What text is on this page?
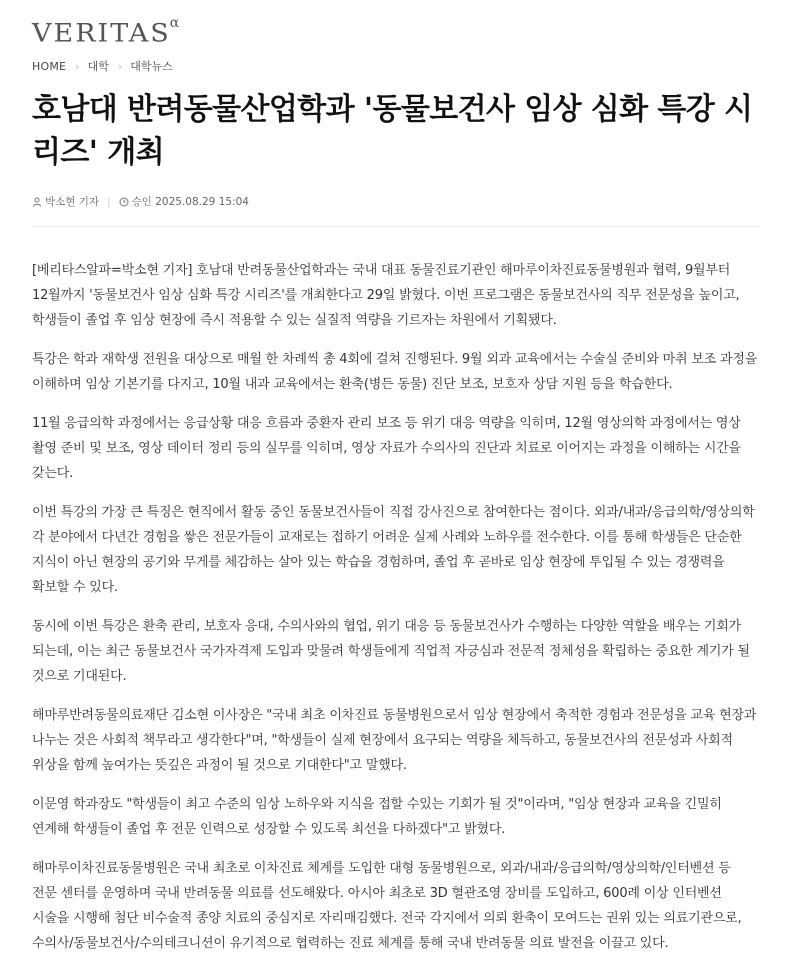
VERITASα
HOME › 대학 › 대학뉴스
호남대 반려동물산업학과 '동물보건사 임상 심화 특강 시리즈' 개최
박소현 기자 | 승인 2025.08.29 15:04

[베리타스알파=박소현 기자] 호남대 반려동물산업학과는 국내 대표 동물진료기관인 해마루이차진료동물병원과 협력, 9월부터 12월까지 '동물보건사 임상 심화 특강 시리즈'를 개최한다고 29일 밝혔다. 이번 프로그램은 동물보건사의 직무 전문성을 높이고, 학생들이 졸업 후 임상 현장에 즉시 적용할 수 있는 실질적 역량을 기르자는 차원에서 기획됐다.

특강은 학과 재학생 전원을 대상으로 매월 한 차례씩 총 4회에 걸쳐 진행된다. 9월 외과 교육에서는 수술실 준비와 마취 보조 과정을 이해하며 임상 기본기를 다지고, 10월 내과 교육에서는 환축(병든 동물) 진단 보조, 보호자 상담 지원 등을 학습한다.

11월 응급의학 과정에서는 응급상황 대응 흐름과 중환자 관리 보조 등 위기 대응 역량을 익히며, 12월 영상의학 과정에서는 영상 촬영 준비 및 보조, 영상 데이터 정리 등의 실무를 익히며, 영상 자료가 수의사의 진단과 치료로 이어지는 과정을 이해하는 시간을 갖는다.

이번 특강의 가장 큰 특징은 현직에서 활동 중인 동물보건사들이 직접 강사진으로 참여한다는 점이다. 외과/내과/응급의학/영상의학 각 분야에서 다년간 경험을 쌓은 전문가들이 교재로는 접하기 어려운 실제 사례와 노하우를 전수한다. 이를 통해 학생들은 단순한 지식이 아닌 현장의 공기와 무게를 체감하는 살아 있는 학습을 경험하며, 졸업 후 곧바로 임상 현장에 투입될 수 있는 경쟁력을 확보할 수 있다.

동시에 이번 특강은 환축 관리, 보호자 응대, 수의사와의 협업, 위기 대응 등 동물보건사가 수행하는 다양한 역할을 배우는 기회가 되는데, 이는 최근 동물보건사 국가자격제 도입과 맞물려 학생들에게 직업적 자긍심과 전문적 정체성을 확립하는 중요한 계기가 될 것으로 기대된다.

해마루반려동물의료재단 김소현 이사장은 "국내 최초 이차진료 동물병원으로서 임상 현장에서 축적한 경험과 전문성을 교육 현장과 나누는 것은 사회적 책무라고 생각한다"며, "학생들이 실제 현장에서 요구되는 역량을 체득하고, 동물보건사의 전문성과 사회적 위상을 함께 높여가는 뜻깊은 과정이 될 것으로 기대한다"고 말했다.

이문영 학과장도 "학생들이 최고 수준의 임상 노하우와 지식을 접할 수있는 기회가 될 것"이라며, "임상 현장과 교육을 긴밀히 연계해 학생들이 졸업 후 전문 인력으로 성장할 수 있도록 최선을 다하겠다"고 밝혔다.

해마루이차진료동물병원은 국내 최초로 이차진료 체계를 도입한 대형 동물병원으로, 외과/내과/응급의학/영상의학/인터벤션 등 전문 센터를 운영하며 국내 반려동물 의료를 선도해왔다. 아시아 최초로 3D 혈관조영 장비를 도입하고, 600례 이상 인터벤션 시술을 시행해 첨단 비수술적 종양 치료의 중심지로 자리매김했다. 전국 각지에서 의뢰 환축이 모여드는 권위 있는 의료기관으로, 수의사/동물보건사/수의테크니션이 유기적으로 협력하는 진료 체계를 통해 국내 반려동물 의료 발전을 이끌고 있다.
